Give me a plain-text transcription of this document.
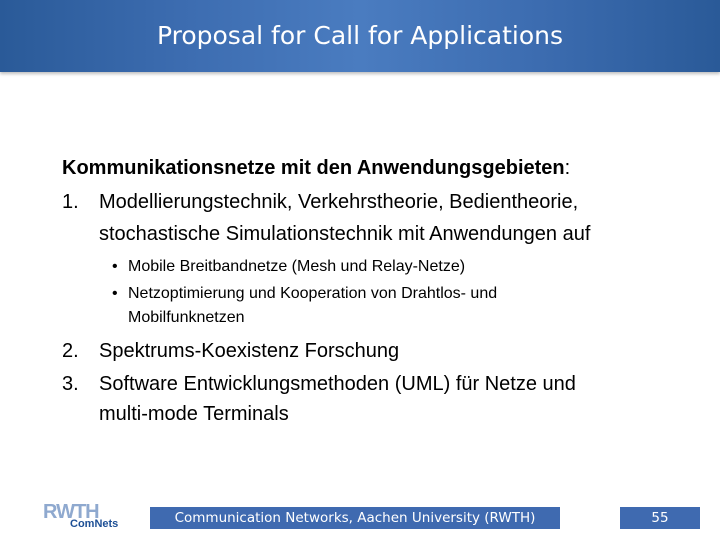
Proposal for Call for Applications
Kommunikationsnetze mit den Anwendungsgebieten:
1. Modellierungstechnik, Verkehrstheorie, Bedientheorie,
stochastische Simulationstechnik mit Anwendungen auf
• Mobile Breitbandnetze (Mesh und Relay-Netze)
• Netzoptimierung und Kooperation von Drahtlos- und
Mobilfunknetzen
2. Spektrums-Koexistenz Forschung
3. Software Entwicklungsmethoden (UML) für Netze und
multi-mode Terminals
RWTH
ComNets	Communication Networks, Aachen University (RWTH)	55
